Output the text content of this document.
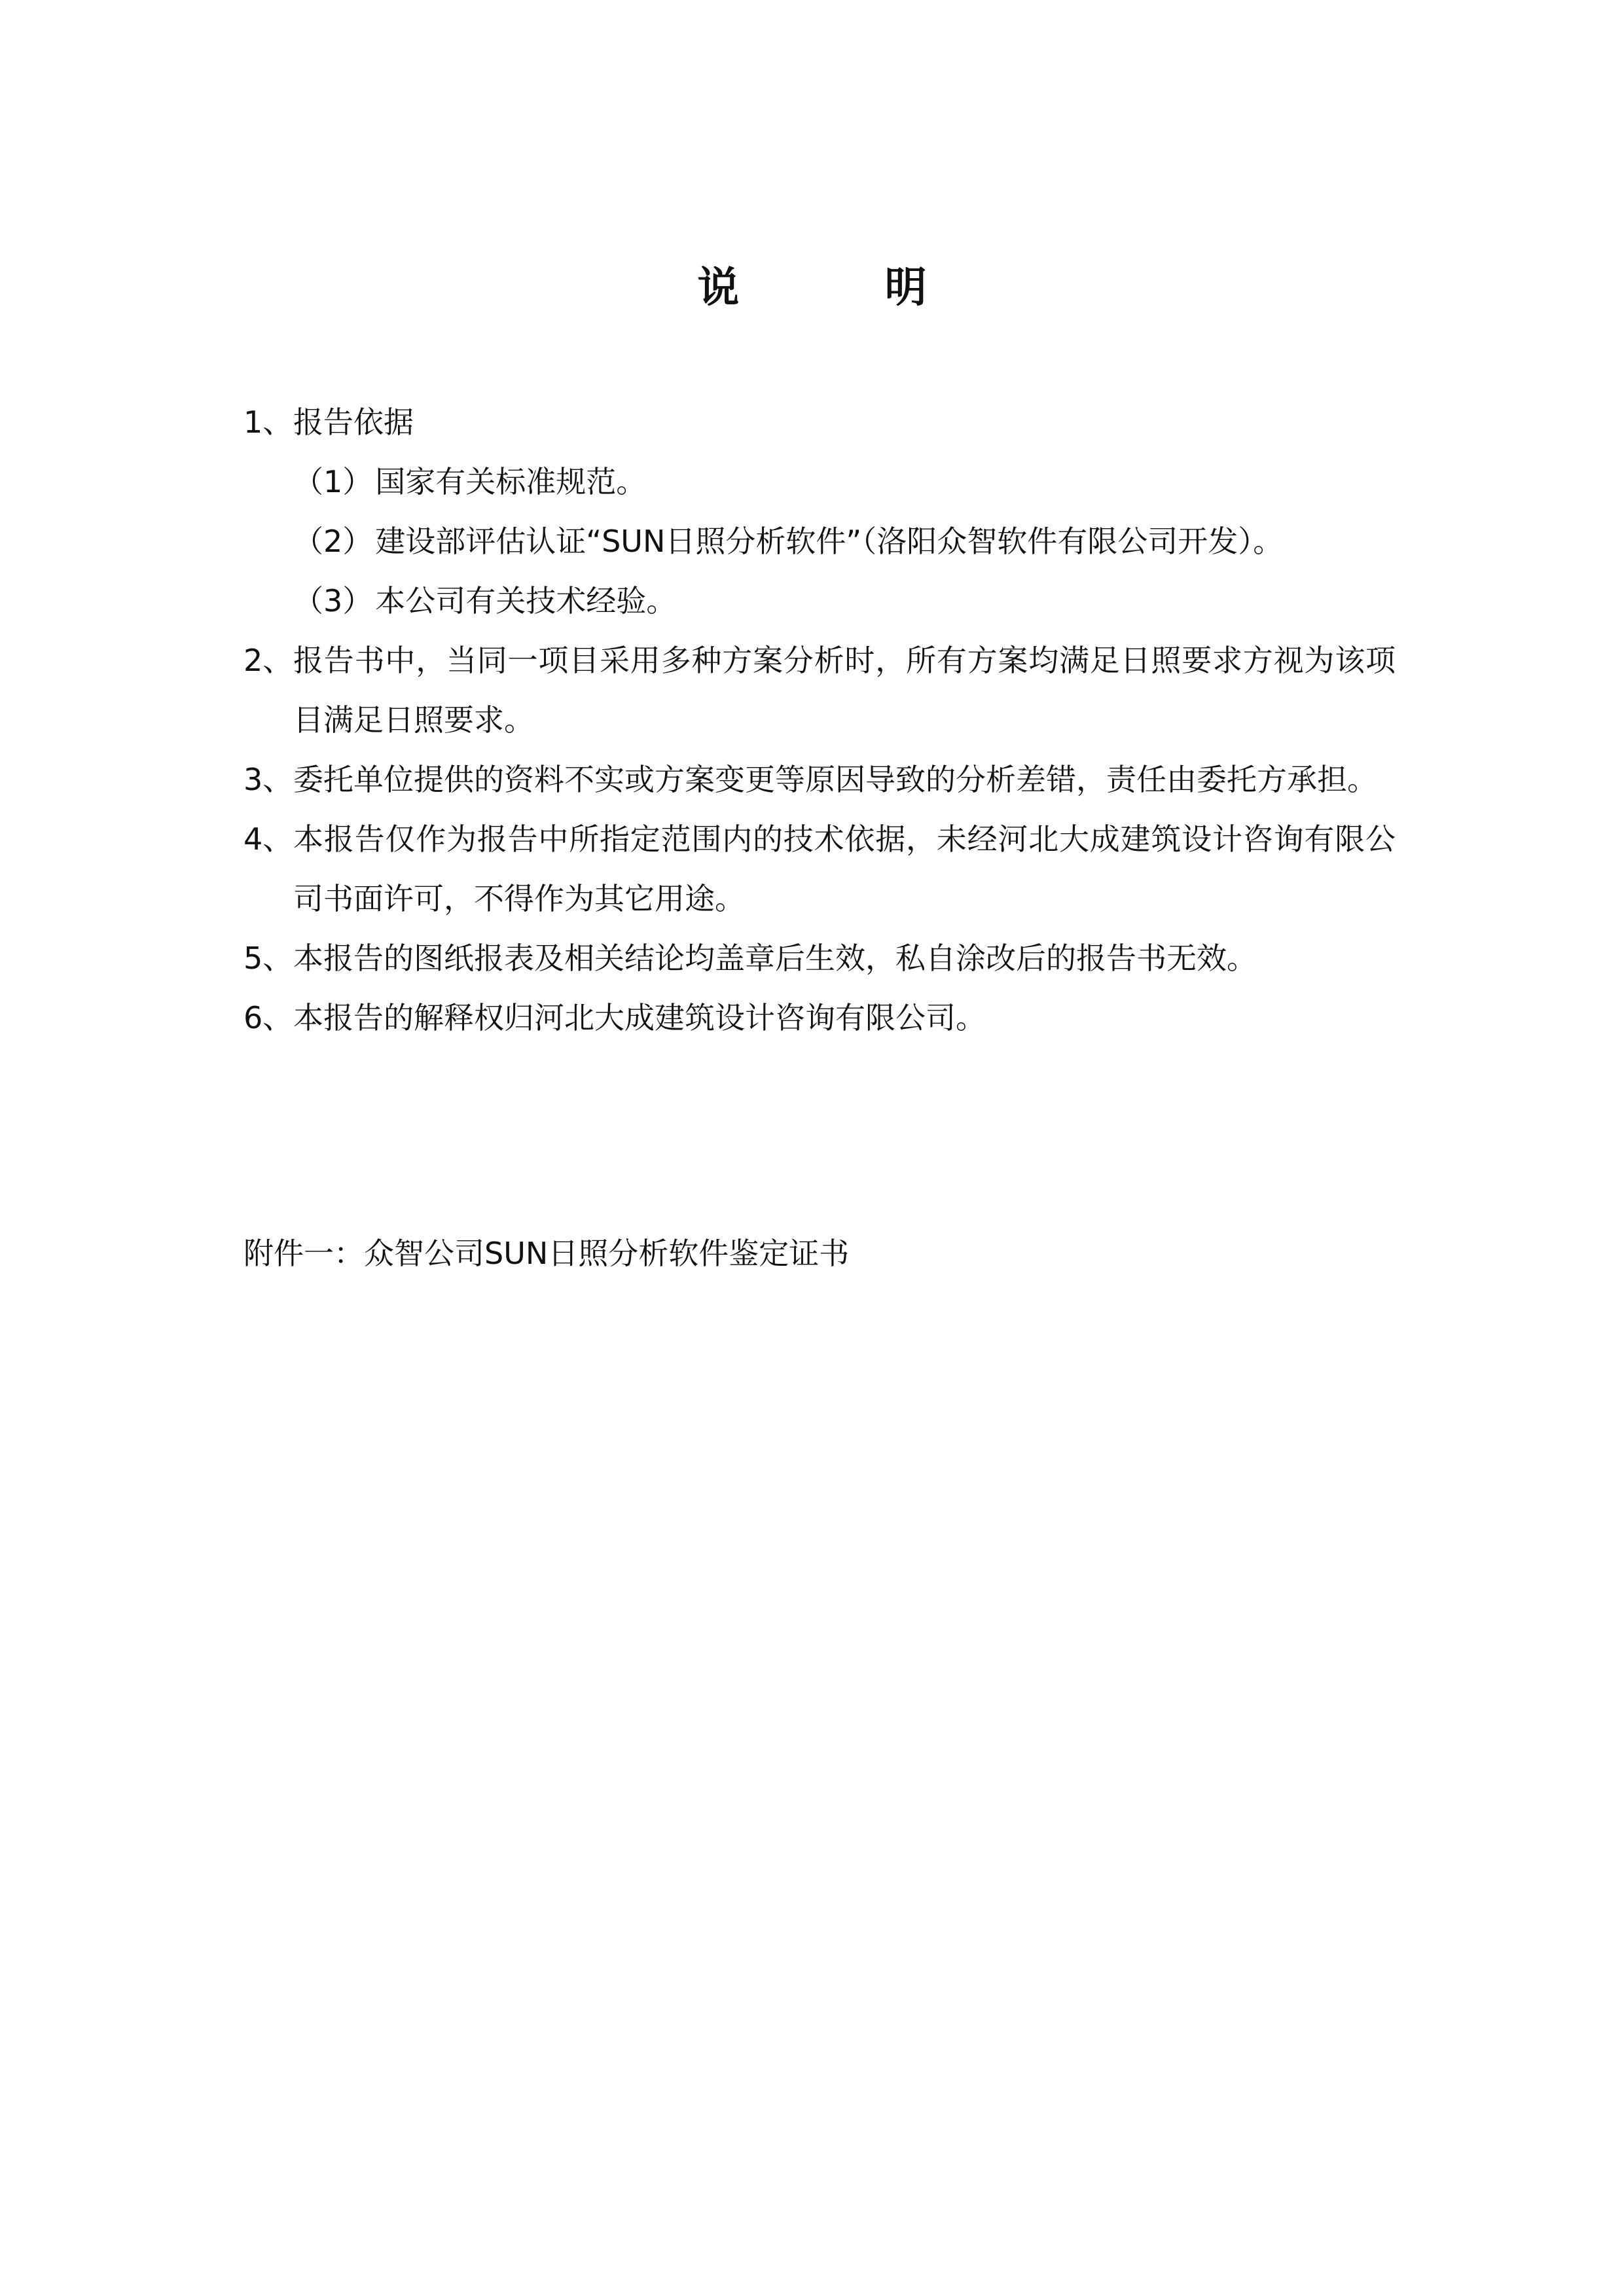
说 明
1、 报告依据
（1） 国家有关标准规范。
（2） 建设部评估认证“SUN日照分析软件”（洛阳众智软件有限公司开发）。
（3） 本公司有关技术经验。
2、 报告书中，当同一项目采用多种方案分析时，所有方案均满足日照要求方视为该项目满足日照要求。
3、 委托单位提供的资料不实或方案变更等原因导致的分析差错，责任由委托方承担。
4、 本报告仅作为报告中所指定范围内的技术依据，未经河北大成建筑设计咨询有限公司书面许可，不得作为其它用途。
5、 本报告的图纸报表及相关结论均盖章后生效，私自涂改后的报告书无效。
6、 本报告的解释权归河北大成建筑设计咨询有限公司。
附件一：众智公司SUN日照分析软件鉴定证书
